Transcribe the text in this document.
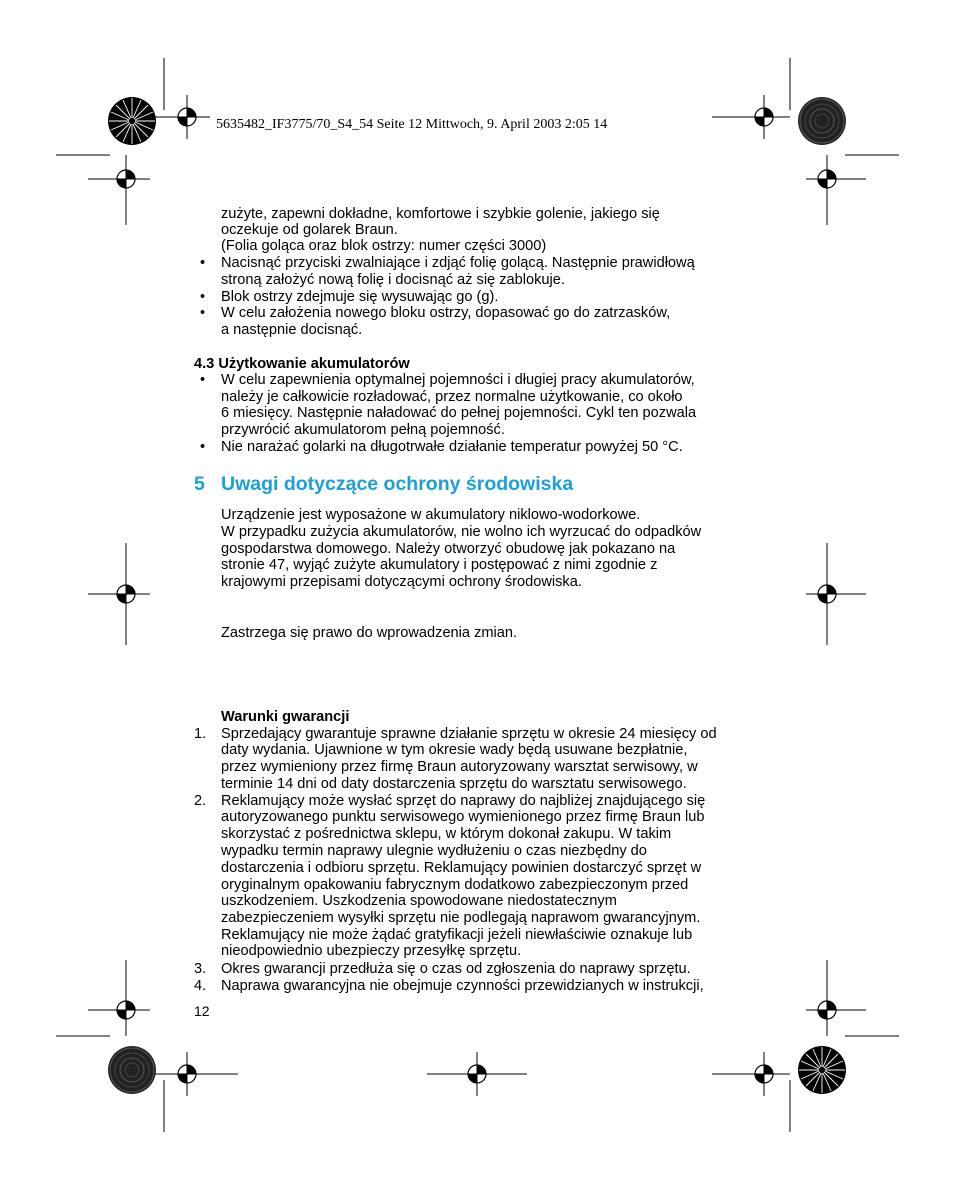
5635482_IF3775/70_S4_54 Seite 12 Mittwoch, 9. April 2003 2:05 14
zużyte, zapewni dokładne, komfortowe i szybkie golenie, jakiego się
oczekuje od golarek Braun.
(Folia goląca oraz blok ostrzy: numer części 3000)
• Nacisnąć przyciski zwalniające i zdjąć folię golącą. Następnie prawidłową
stroną założyć nową folię i docisnąć aż się zablokuje.
• Blok ostrzy zdejmuje się wysuwając go (g).
• W celu założenia nowego bloku ostrzy, dopasować go do zatrzasków,
a następnie docisnąć.
4.3 Użytkowanie akumulatorów
• W celu zapewnienia optymalnej pojemności i długiej pracy akumulatorów,
należy je całkowicie rozładować, przez normalne użytkowanie, co około
6 miesięcy. Następnie naładować do pełnej pojemności. Cykl ten pozwala
przywrócić akumulatorom pełną pojemność.
• Nie narażać golarki na długotrwałe działanie temperatur powyżej 50 °C.
5 Uwagi dotyczące ochrony środowiska
Urządzenie jest wyposażone w akumulatory niklowo-wodorkowe.
W przypadku zużycia akumulatorów, nie wolno ich wyrzucać do odpadków
gospodarstwa domowego. Należy otworzyć obudowę jak pokazano na
stronie 47, wyjąć zużyte akumulatory i postępować z nimi zgodnie z
krajowymi przepisami dotyczącymi ochrony środowiska.
Zastrzega się prawo do wprowadzenia zmian.
Warunki gwarancji
1. Sprzedający gwarantuje sprawne działanie sprzętu w okresie 24 miesięcy od
daty wydania. Ujawnione w tym okresie wady będą usuwane bezpłatnie,
przez wymieniony przez firmę Braun autoryzowany warsztat serwisowy, w
terminie 14 dni od daty dostarczenia sprzętu do warsztatu serwisowego.
2. Reklamujący może wysłać sprzęt do naprawy do najbliżej znajdującego się
autoryzowanego punktu serwisowego wymienionego przez firmę Braun lub
skorzystać z pośrednictwa sklepu, w którym dokonał zakupu. W takim
wypadku termin naprawy ulegnie wydłużeniu o czas niezbędny do
dostarczenia i odbioru sprzętu. Reklamujący powinien dostarczyć sprzęt w
oryginalnym opakowaniu fabrycznym dodatkowo zabezpieczonym przed
uszkodzeniem. Uszkodzenia spowodowane niedostatecznym
zabezpieczeniem wysyłki sprzętu nie podlegają naprawom gwarancyjnym.
Reklamujący nie może żądać gratyfikacji jeżeli niewłaściwie oznakuje lub
nieodpowiednio ubezpieczy przesyłkę sprzętu.
3. Okres gwarancji przedłuża się o czas od zgłoszenia do naprawy sprzętu.
4. Naprawa gwarancyjna nie obejmuje czynności przewidzianych w instrukcji,
12
